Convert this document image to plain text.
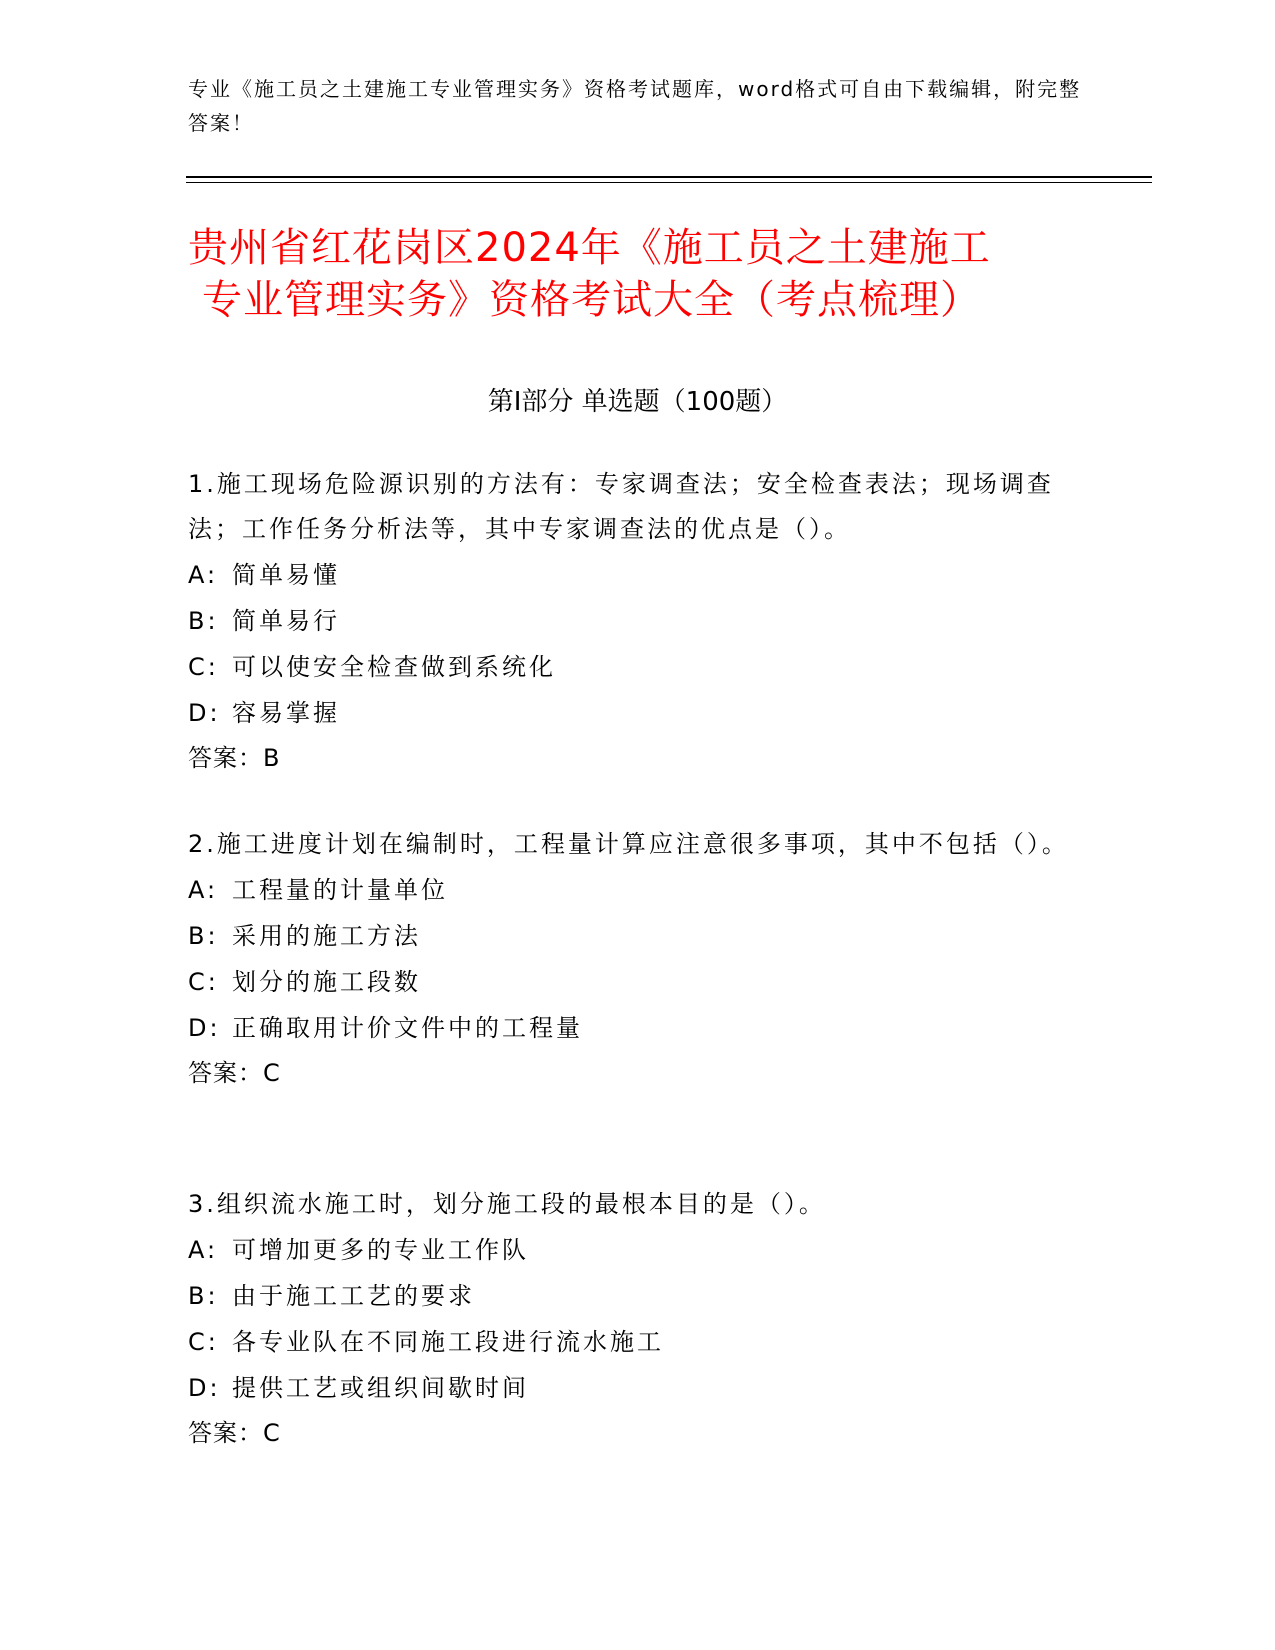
专业《施工员之土建施工专业管理实务》资格考试题库，word格式可自由下载编辑，附完整答案！
贵州省红花岗区2024年《施工员之土建施工
专业管理实务》资格考试大全（考点梳理）
第Ⅰ部分 单选题（100题）
1.施工现场危险源识别的方法有：专家调查法；安全检查表法；现场调查法；工作任务分析法等，其中专家调查法的优点是（）。
A: 简单易懂
B: 简单易行
C: 可以使安全检查做到系统化
D: 容易掌握
答案：B
2.施工进度计划在编制时，工程量计算应注意很多事项，其中不包括（）。
A: 工程量的计量单位
B: 采用的施工方法
C: 划分的施工段数
D: 正确取用计价文件中的工程量
答案：C
3.组织流水施工时，划分施工段的最根本目的是（）。
A: 可增加更多的专业工作队
B: 由于施工工艺的要求
C: 各专业队在不同施工段进行流水施工
D: 提供工艺或组织间歇时间
答案：C
